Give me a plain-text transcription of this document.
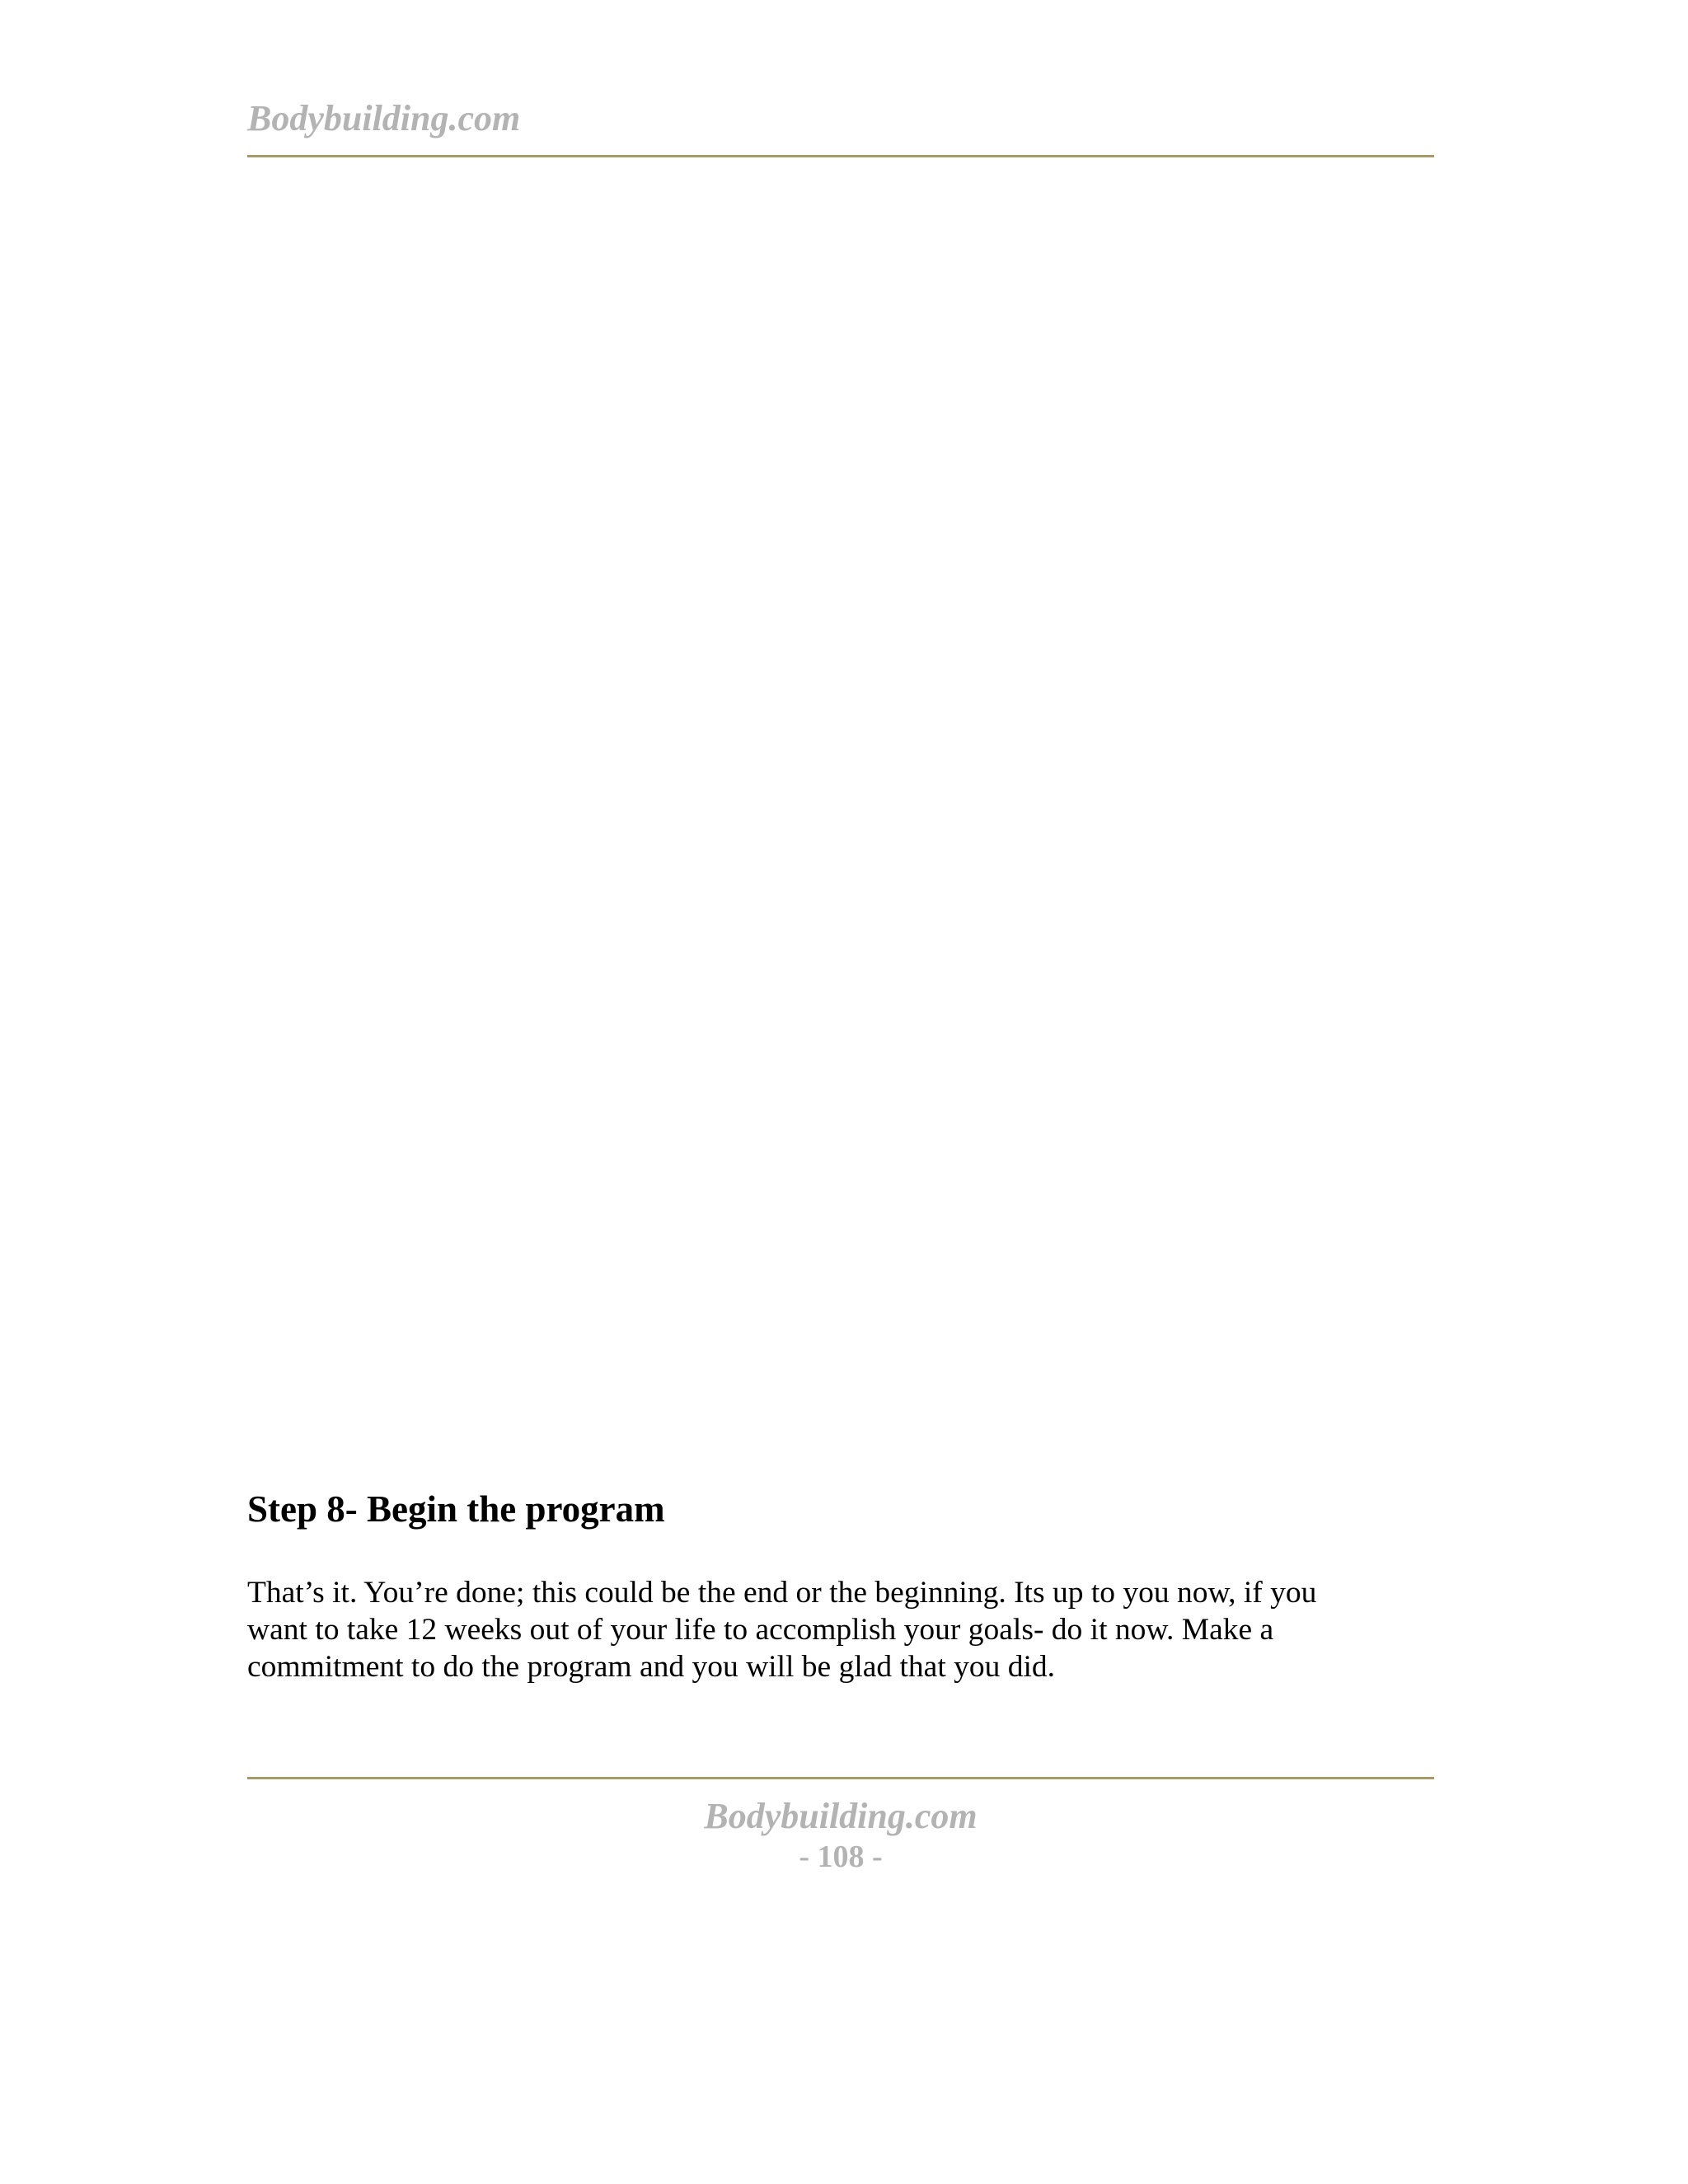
Bodybuilding.com
Step 8- Begin the program

That’s it. You’re done; this could be the end or the beginning. Its up to you now, if you
want to take 12 weeks out of your life to accomplish your goals- do it now. Make a
commitment to do the program and you will be glad that you did.

Bodybuilding.com
- 108 -
